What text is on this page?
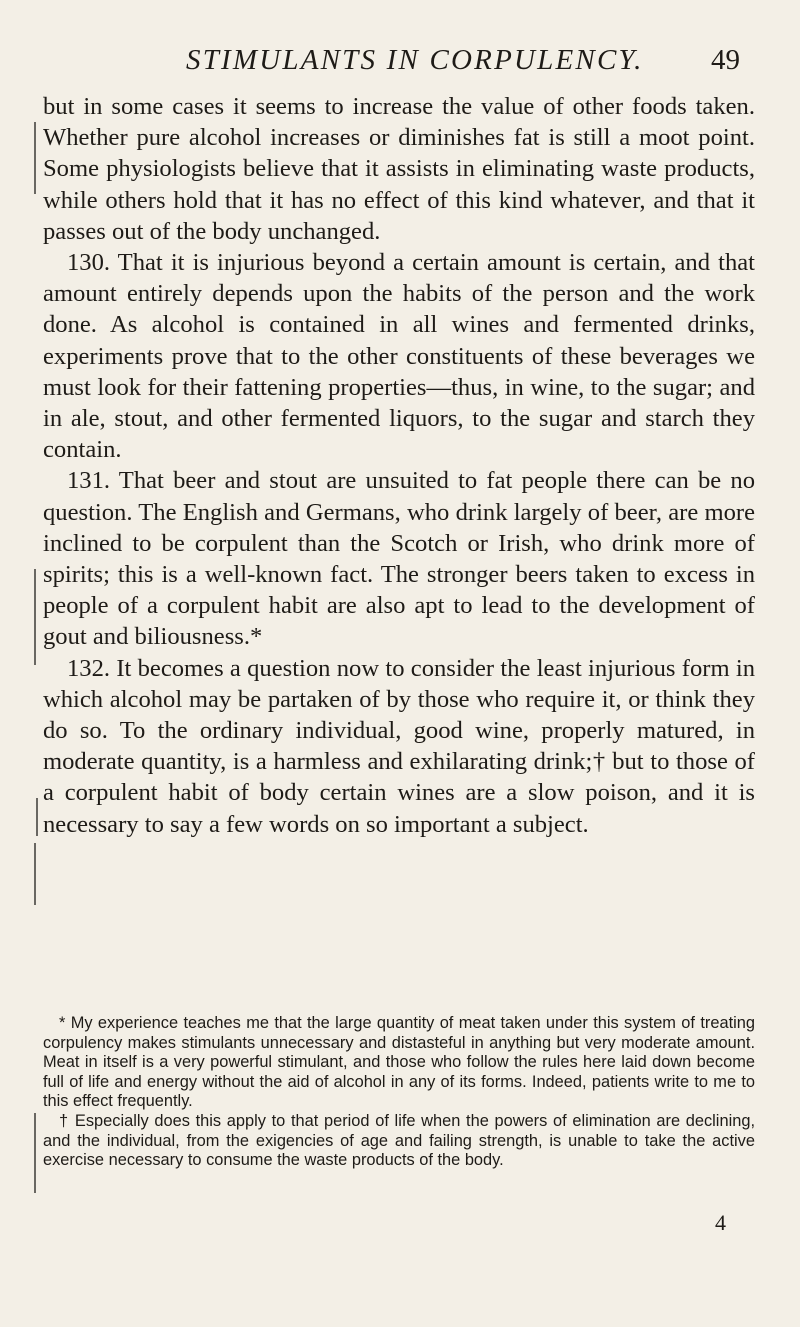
STIMULANTS IN CORPULENCY. 49

but in some cases it seems to increase the value of other foods taken. Whether pure alcohol increases or diminishes fat is still a moot point. Some physiologists believe that it assists in eliminating waste products, while others hold that it has no effect of this kind whatever, and that it passes out of the body unchanged.

130. That it is injurious beyond a certain amount is certain, and that amount entirely depends upon the habits of the person and the work done. As alcohol is contained in all wines and fermented drinks, experiments prove that to the other constituents of these beverages we must look for their fattening properties—thus, in wine, to the sugar; and in ale, stout, and other fermented liquors, to the sugar and starch they contain.

131. That beer and stout are unsuited to fat people there can be no question. The English and Germans, who drink largely of beer, are more inclined to be corpulent than the Scotch or Irish, who drink more of spirits; this is a well-known fact. The stronger beers taken to excess in people of a corpulent habit are also apt to lead to the development of gout and biliousness.*

132. It becomes a question now to consider the least injurious form in which alcohol may be partaken of by those who require it, or think they do so. To the ordinary individual, good wine, properly matured, in moderate quantity, is a harmless and exhilarating drink;† but to those of a corpulent habit of body certain wines are a slow poison, and it is necessary to say a few words on so important a subject.

* My experience teaches me that the large quantity of meat taken under this system of treating corpulency makes stimulants unnecessary and distasteful in anything but very moderate amount. Meat in itself is a very powerful stimulant, and those who follow the rules here laid down become full of life and energy without the aid of alcohol in any of its forms. Indeed, patients write to me to this effect frequently.

† Especially does this apply to that period of life when the powers of elimination are declining, and the individual, from the exigencies of age and failing strength, is unable to take the active exercise necessary to consume the waste products of the body.

4
